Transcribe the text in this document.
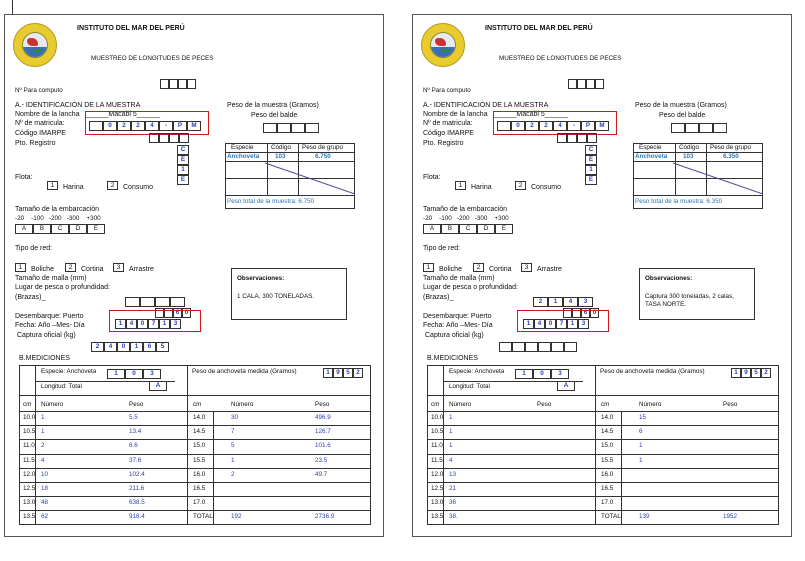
INSTITUTO DEL MAR DEL PERÚ
MUESTREO DE LONGITUDES DE PECES
Nº Para computo
A.- IDENTIFICACIÓN DE LA MUESTRA
Nombre de la lancha ______Macabi 5______
Nº de matricula:	0	2	2	4	-	P	M
Código IMARPE
Pto. Registro
C
E
1
E
Peso de la muestra (Gramos)
Peso del balde
Especie	Código Peso de grupo
Anchoveta	103	6.750
Peso total de la muestra: 6.750
Flota:
1	Harina	2	Consumo
Tamaño de la embarcación
-20    -100   -200   -300    +300
A	B	C	D	E
Tipo de red:
1	Boliche	2	Cortina	3	Arrastre
Tamaño de malla (mm)
Lugar de pesca o profundidad:
(Brazas)_
6 0
Desembarque: Puerto
Fecha: Año –Mes- Día	1	4	0	7	1	3
Captura oficial (kg)
2	4	0	1	6	5
Observaciones:
1 CALA, 300 TONELADAS.
B.MEDICIONES
Especie: Anchoveta	1	0	3
Longitud: Total	A
Peso de anchoveta medida (Gramos)	1	9	5	2
cm Número	Peso	cm	Número	Peso
10.0 1	5.5
10.5 1	13.4
11.0 2	6.6
11.5 4	37.6
12.0 10	102.4
12.5 18	211.6
13.0 48	638.5
13.5 62	918.4
14.0	30	496.9
14.5	7	126.7
15.0	5	101.6
15.5	1	23.5
16.0	2	49.7
16.5
17.0
TOTAL:	192	2736.9
INSTITUTO DEL MAR DEL PERÚ
MUESTREO DE LONGITUDES DE PECES
Nº Para computo
A.- IDENTIFICACIÓN DE LA MUESTRA
Nombre de la lancha ______Macabi 5______
Nº de matricula:	0	2	2	4	-	P	M
Código IMARPE
Pto. Registro
C
E
1
E
Peso de la muestra (Gramos)
Peso del balde
Especie	Código Peso de grupo
Anchoveta	103	6.350
Peso total de la muestra: 6.350
Flota:
1	Harina	2	Consumo
Tamaño de la embarcación
-20    -100   -200   -300    +300
A	B	C	D	E
Tipo de red:
1	Boliche	2	Cortina	3	Arrastre
Tamaño de malla (mm)
Lugar de pesca o profundidad:
(Brazas)_
2	1	4	3
6 0
Desembarque: Puerto
Fecha: Año –Mes- Día	1	4	0	7	1	3
Captura oficial (kg)
Observaciones:
Captura 300 toneladas, 2 calas, TASA NORTE.
B.MEDICIONES
Especie: Anchoveta	1	0	3
Longitud: Total	A
Peso de anchoveta medida (Gramos)	1	9	5	2
cm Número	Peso	cm	Número	Peso
10.0 1
10.5 1
11.0 1
11.5 4
12.0 13
12.5 21
13.0 36
13.5 38.
14.0	15
14.5	6
15.0	1
15.5	1
16.0
16.5
17.0
TOTAL:	139	1952
